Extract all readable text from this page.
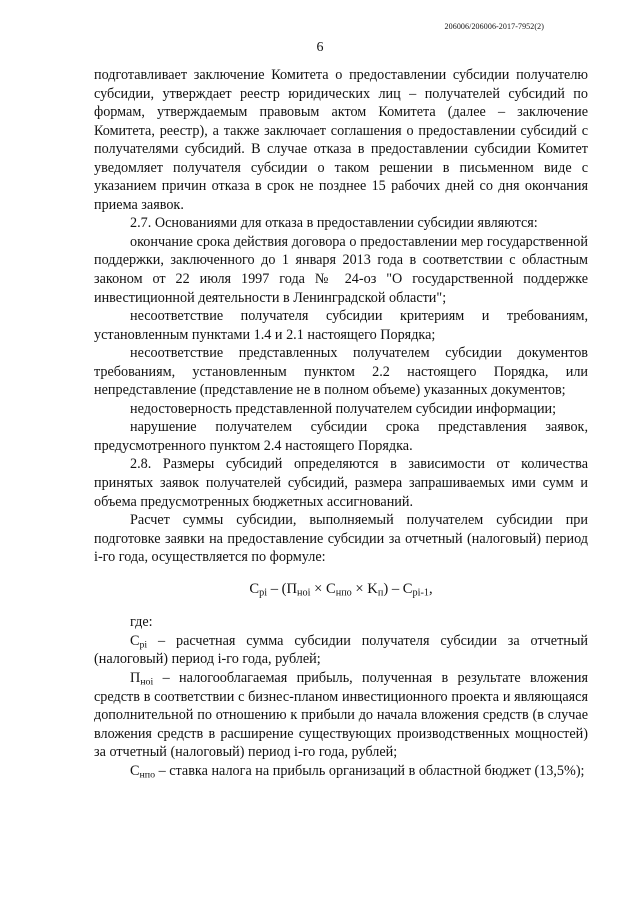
206006/206006-2017-7952(2)
6

подготавливает заключение Комитета о предоставлении субсидии получателю субсидии, утверждает реестр юридических лиц – получателей субсидий по формам, утверждаемым правовым актом Комитета (далее – заключение Комитета, реестр), а также заключает соглашения о предоставлении субсидий с получателями субсидий. В случае отказа в предоставлении субсидии Комитет уведомляет получателя субсидии о таком решении в письменном виде с указанием причин отказа в срок не позднее 15 рабочих дней со дня окончания приема заявок.

2.7. Основаниями для отказа в предоставлении субсидии являются:

окончание срока действия договора о предоставлении мер государственной поддержки, заключенного до 1 января 2013 года в соответствии с областным законом от 22 июля 1997 года № 24-оз "О государственной поддержке инвестиционной деятельности в Ленинградской области";

несоответствие получателя субсидии критериям и требованиям, установленным пунктами 1.4 и 2.1 настоящего Порядка;

несоответствие представленных получателем субсидии документов требованиям, установленным пунктом 2.2 настоящего Порядка, или непредставление (представление не в полном объеме) указанных документов;

недостоверность представленной получателем субсидии информации;

нарушение получателем субсидии срока представления заявок, предусмотренного пунктом 2.4 настоящего Порядка.

2.8. Размеры субсидий определяются в зависимости от количества принятых заявок получателей субсидий, размера запрашиваемых ими сумм и объема предусмотренных бюджетных ассигнований.

Расчет суммы субсидии, выполняемый получателем субсидии при подготовке заявки на предоставление субсидии за отчетный (налоговый) период i-го года, осуществляется по формуле:

$C_{pi} - (П_{ноi} \times C_{нпо} \times K_п) - C_{pi-1}$,

где:

$C_{pi}$ – расчетная сумма субсидии получателя субсидии за отчетный (налоговый) период i-го года, рублей;

$П_{ноi}$ – налогооблагаемая прибыль, полученная в результате вложения средств в соответствии с бизнес-планом инвестиционного проекта и являющаяся дополнительной по отношению к прибыли до начала вложения средств (в случае вложения средств в расширение существующих производственных мощностей) за отчетный (налоговый) период i-го года, рублей;

$C_{нпо}$ – ставка налога на прибыль организаций в областной бюджет (13,5%);
